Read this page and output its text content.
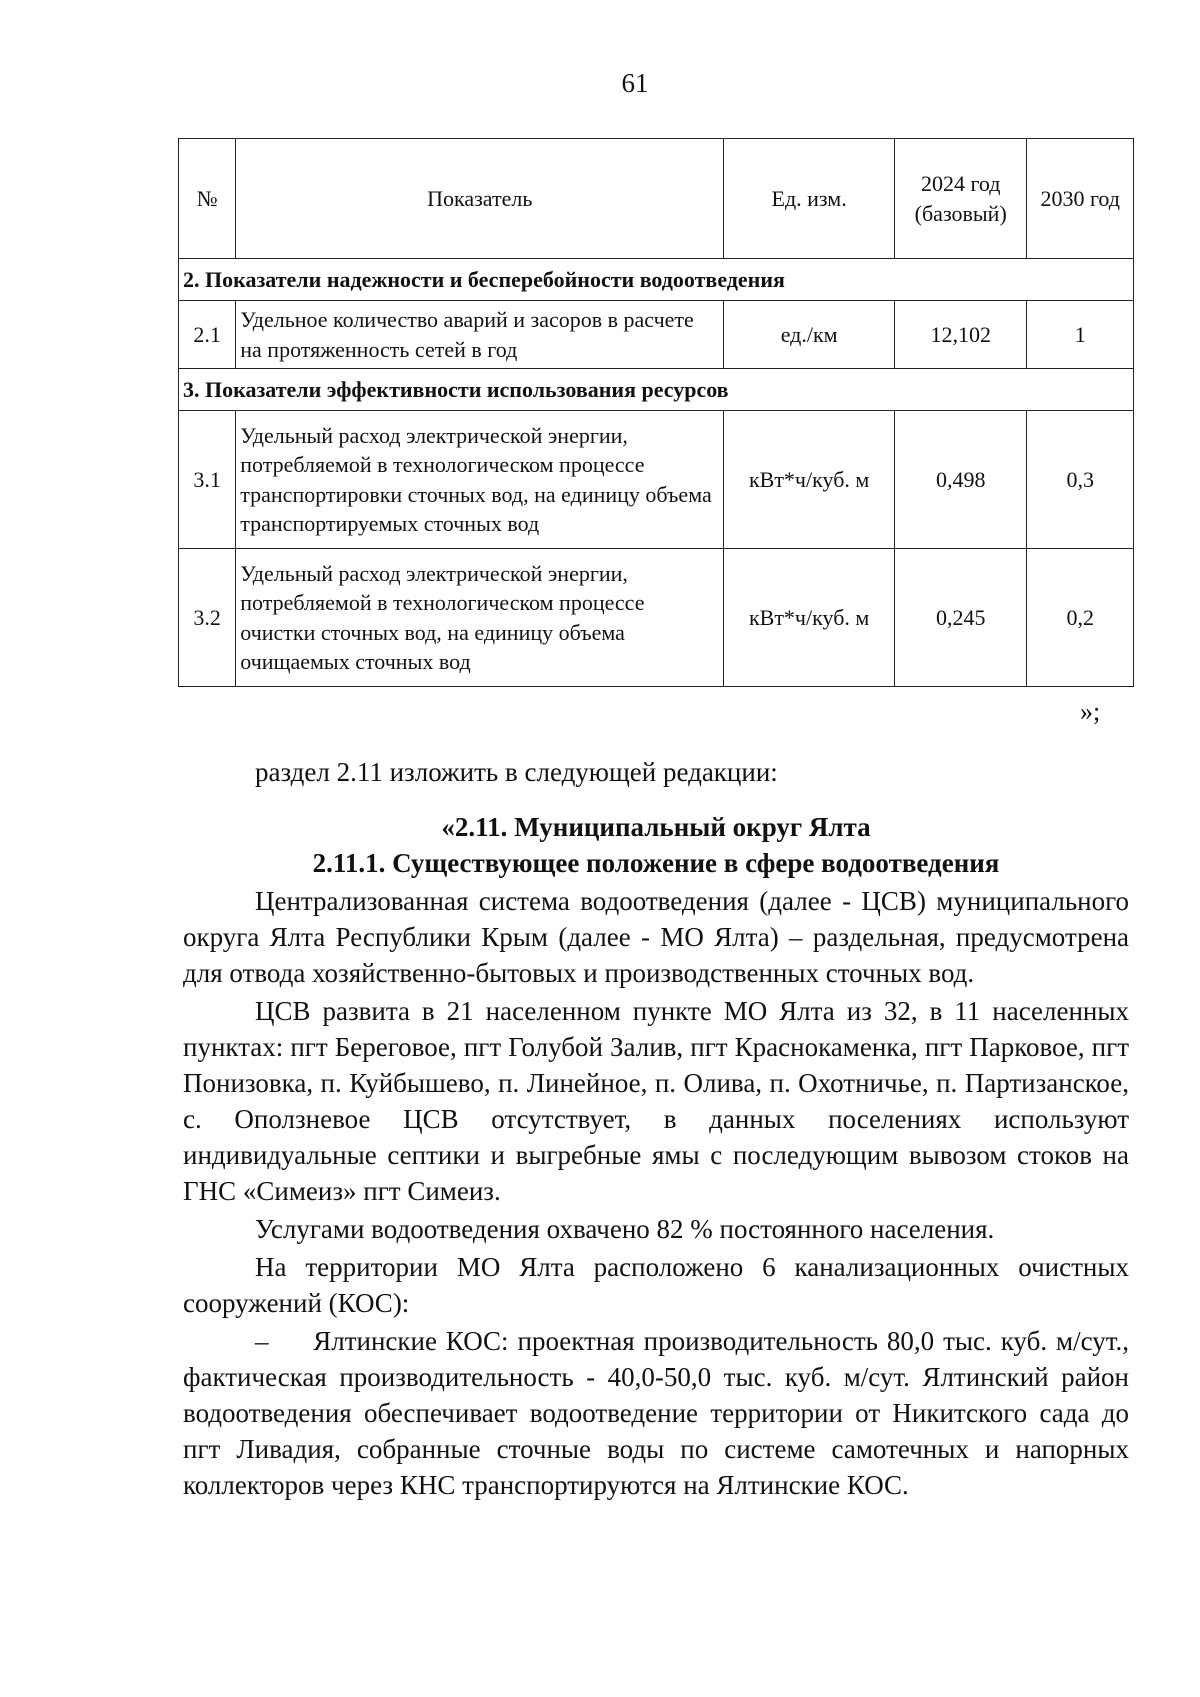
61
№	Показатель	Ед. изм.	2024 год (базовый)	2030 год
2. Показатели надежности и бесперебойности водоотведения				
2.1	Удельное количество аварий и засоров в расчете на протяженность сетей в год	ед./км	12,102	1
3. Показатели эффективности использования ресурсов				
3.1	Удельный расход электрической энергии, потребляемой в технологическом процессе транспортировки сточных вод, на единицу объема транспортируемых сточных вод	кВт*ч/куб. м	0,498	0,3
3.2	Удельный расход электрической энергии, потребляемой в технологическом процессе очистки сточных вод, на единицу объема очищаемых сточных вод	кВт*ч/куб. м	0,245	0,2
»;

раздел 2.11 изложить в следующей редакции:

«2.11. Муниципальный округ Ялта

2.11.1. Существующее положение в сфере водоотведения

Централизованная система водоотведения (далее - ЦСВ) муниципального округа Ялта Республики Крым (далее - МО Ялта) – раздельная, предусмотрена для отвода хозяйственно-бытовых и производственных сточных вод.

ЦСВ развита в 21 населенном пункте МО Ялта из 32, в 11 населенных пунктах: пгт Береговое, пгт Голубой Залив, пгт Краснокаменка, пгт Парковое, пгт Понизовка, п. Куйбышево, п. Линейное, п. Олива, п. Охотничье, п. Партизанское, с. Оползневое ЦСВ отсутствует, в данных поселениях используют индивидуальные септики и выгребные ямы с последующим вывозом стоков на ГНС «Симеиз» пгт Симеиз.

Услугами водоотведения охвачено 82 % постоянного населения.

На территории МО Ялта расположено 6 канализационных очистных сооружений (КОС):

–     Ялтинские КОС: проектная производительность 80,0 тыс. куб. м/сут., фактическая производительность - 40,0-50,0 тыс. куб. м/сут. Ялтинский район водоотведения обеспечивает водоотведение территории от Никитского сада до пгт Ливадия, собранные сточные воды по системе самотечных и напорных коллекторов через КНС транспортируются на Ялтинские КОС.
